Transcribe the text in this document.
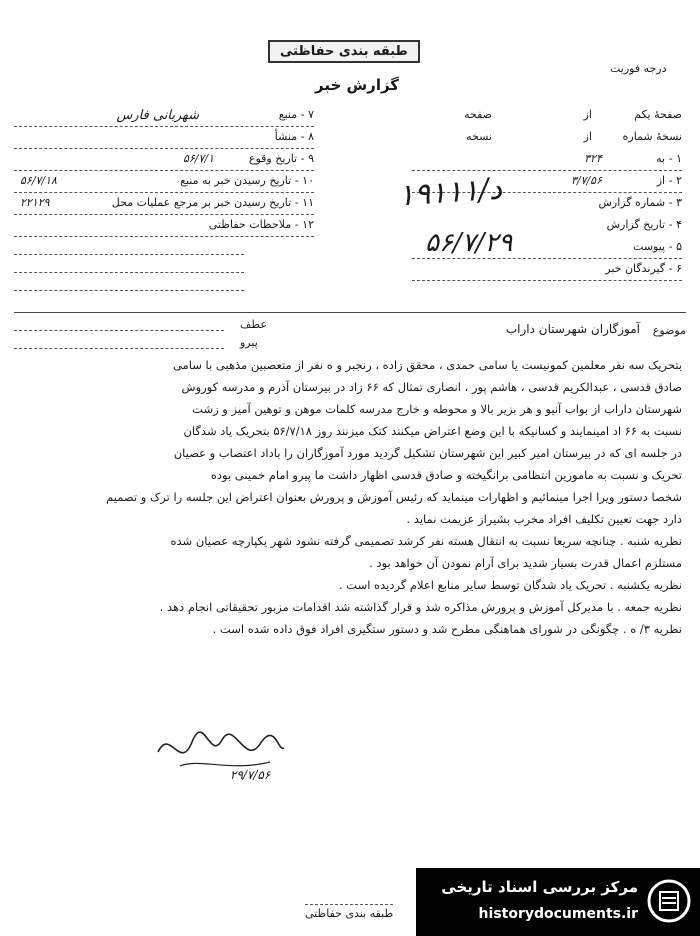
طبقه بندی حفاظتی
گزارش خبر
درجه فوریت
صفحهٔ یکم
از
صفحه
نسخهٔ شماره
از
نسخه
۱ - به
۳۲۴
۲ - از
۳/۷/۵۶
۳ - شماره گزارش
۴ - تاریخ گزارش
۵ - پیوست
۶ - گیرندگان خبر
۱۹۱۱۱/د
۵۶/۷/۲۹
۷ - منبع
شهربانی فارس
۸ - منشأ
۹ - تاریخ وقوع
۵۶/۷/۱
۱۰ - تاریخ رسیدن خبر به منبع
۵۶/۷/۱۸
۱۱ - تاریخ رسیدن خبر بر مرجع عملیات محل
۲۲۱۲۹
۱۲ - ملاحظات حفاظتی
موضوع
آموزگاران شهرستان داراب
عطف
پیرو
بتحریک سه نفر معلمین کمونیست یا سامی حمدی ، محقق زاده ، رنجبر و ه نفر از متعصبین مذهبی با سامی
صادق قدسی ، عبدالکریم قدسی ، هاشم پور ، انصاری تمثال که ۶۶ زاد در بیرستان آذرم و مدرسه کوروش
شهرستان داراب از بواب آنیو و هر بزیر بالا و محوطه و خارج مدرسه کلمات موهن و توهین آمیز و زشت
نسبت به ۶۶ اد امینمایند و کسانیکه با این وضع اعتراض میکنند کتک میزنند روز ۵۶/۷/۱۸ بتحریک یاد شدگان
در جلسه ای که در بیرستان امیر کبیر این شهرستان تشکیل گردید مورد آموزگاران را باداد اعتصاب و عصیان
تحریک و نسبت به مامورین انتظامی برانگیخته و صادق قدسی اظهار داشت ما پیرو امام خمینی بوده
شخصا دستور ویرا اجرا مینمائیم و اظهارات مینماید که رئیس آموزش و پرورش بعنوان اعتراض این جلسه را ترک و تصمیم
دارد جهت تعیین تکلیف افراد مخرب بشیراز عزیمت نماید .
نظریه شنبه . چنانچه سریعا نسبت به انتقال هسته نفر کرشد تصمیمی گرفته نشود شهر یکپارچه عصیان شده
مستلزم اعمال قدرت بسیار شدید برای آرام نمودن آن خواهد بود .
نظریه یکشنبه . تحریک یاد شدگان توسط سایر منابع اعلام گردیده است .
نظریه جمعه . با مدیرکل آموزش و پرورش مذاکره شد و قرار گذاشته شد اقدامات مزبور تحقیقاتی انجام دهد .
نظریه ۳/ ه . چگونگی در شورای هماهنگی مطرح شد و دستور ستگیری افراد فوق داده شده است .
۲۹/۷/۵۶
طبقه بندی حفاظتی
مرکز بررسی اسناد تاریخی
historydocuments.ir
